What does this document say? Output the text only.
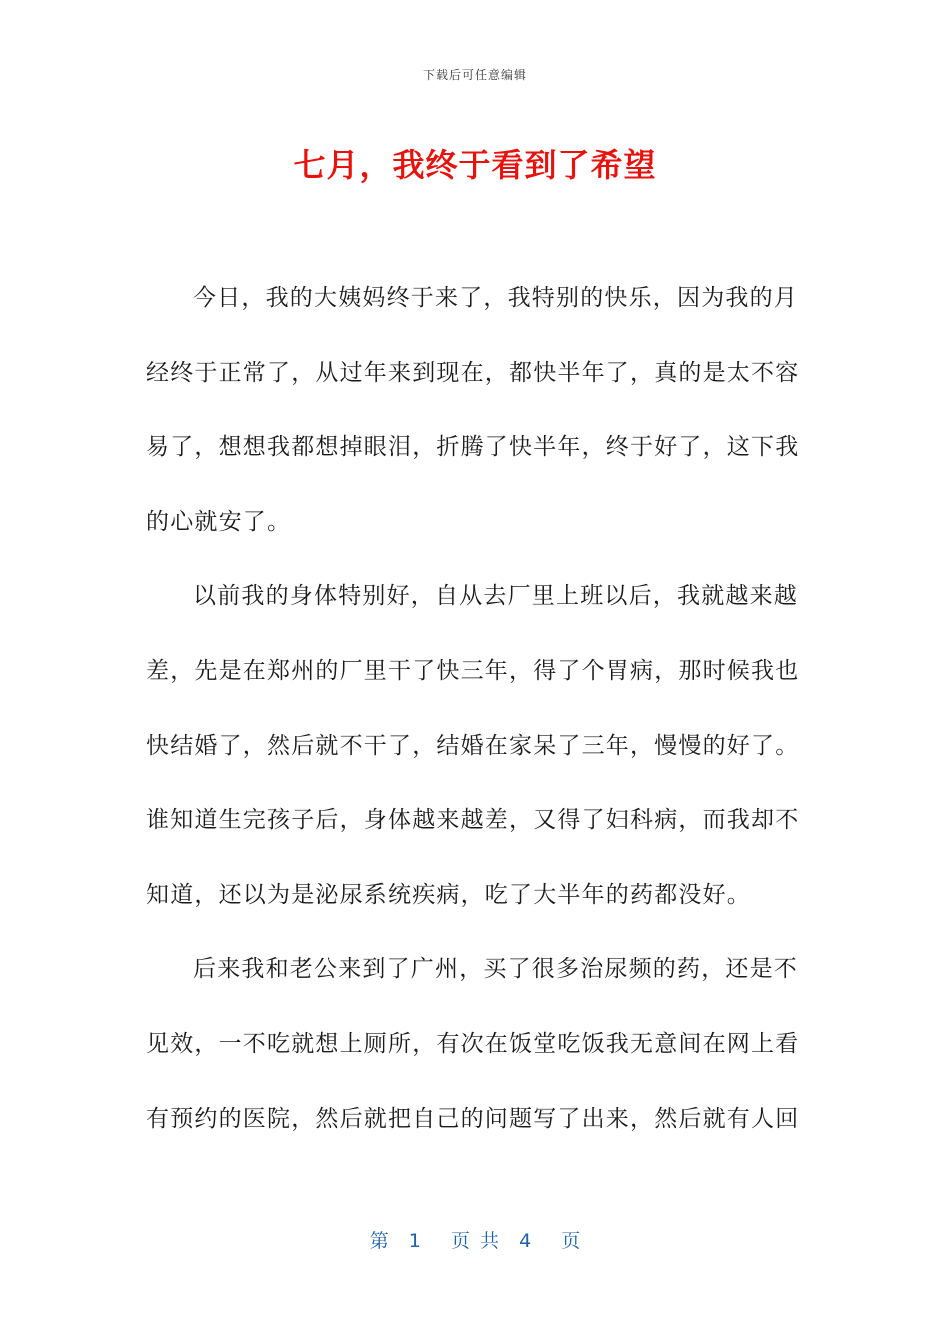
下载后可任意编辑
七月，我终于看到了希望
今日，我的大姨妈终于来了，我特别的快乐，因为我的月
经终于正常了，从过年来到现在，都快半年了，真的是太不容
易了，想想我都想掉眼泪，折腾了快半年，终于好了，这下我
的心就安了。
以前我的身体特别好，自从去厂里上班以后，我就越来越
差，先是在郑州的厂里干了快三年，得了个胃病，那时候我也
快结婚了，然后就不干了，结婚在家呆了三年，慢慢的好了。
谁知道生完孩子后，身体越来越差，又得了妇科病，而我却不
知道，还以为是泌尿系统疾病，吃了大半年的药都没好。
后来我和老公来到了广州，买了很多治尿频的药，还是不
见效，一不吃就想上厕所，有次在饭堂吃饭我无意间在网上看
有预约的医院，然后就把自己的问题写了出来，然后就有人回
第  1   页 共  4   页
